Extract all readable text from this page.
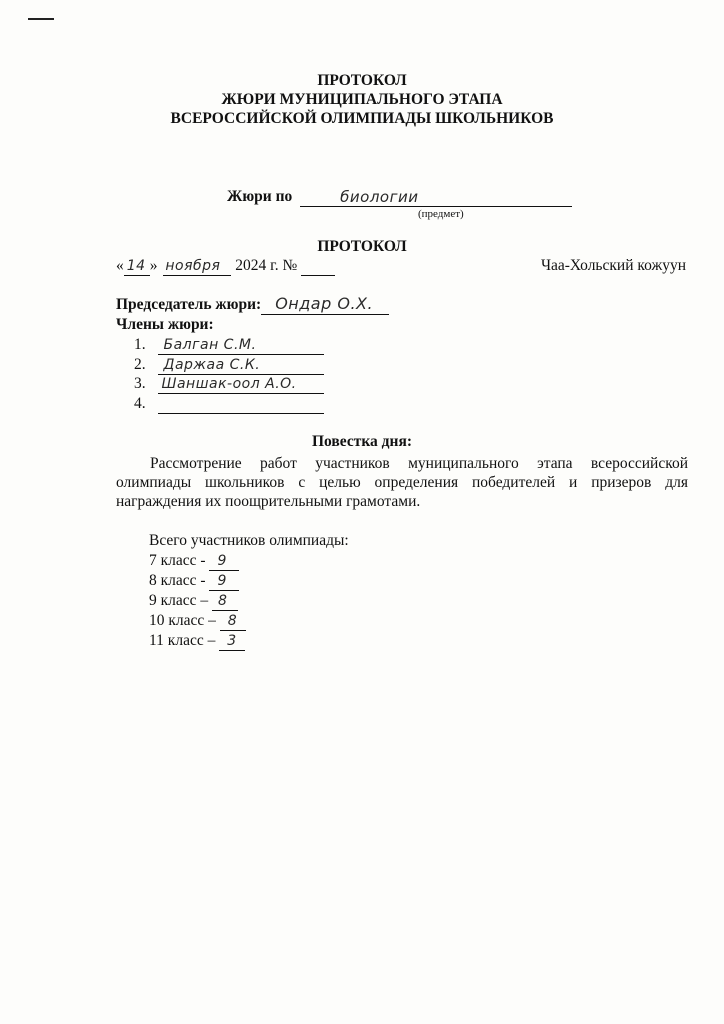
ПРОТОКОЛ
ЖЮРИ МУНИЦИПАЛЬНОГО ЭТАПА
ВСЕРОССИЙСКОЙ ОЛИМПИАДЫ ШКОЛЬНИКОВ
Жюри по	биологии

(предмет)
ПРОТОКОЛ
« 14 » ноября 2024 г. №	Чаа-Хольский кожуун
Председатель жюри: Ондар О.Х.

Члены жюри:
1. Балган С.М.

2. Даржаа С.К.

3. Шаншак-оол А.О.

4.
Повестка дня:
Рассмотрение работ участников муниципального этапа всероссийской олимпиады школьников с целью определения победителей и призеров для награждения их поощрительными грамотами.
Всего участников олимпиады:
7 класс - 9

8 класс - 9

9 класс – 8

10 класс – 8

11 класс – 3
